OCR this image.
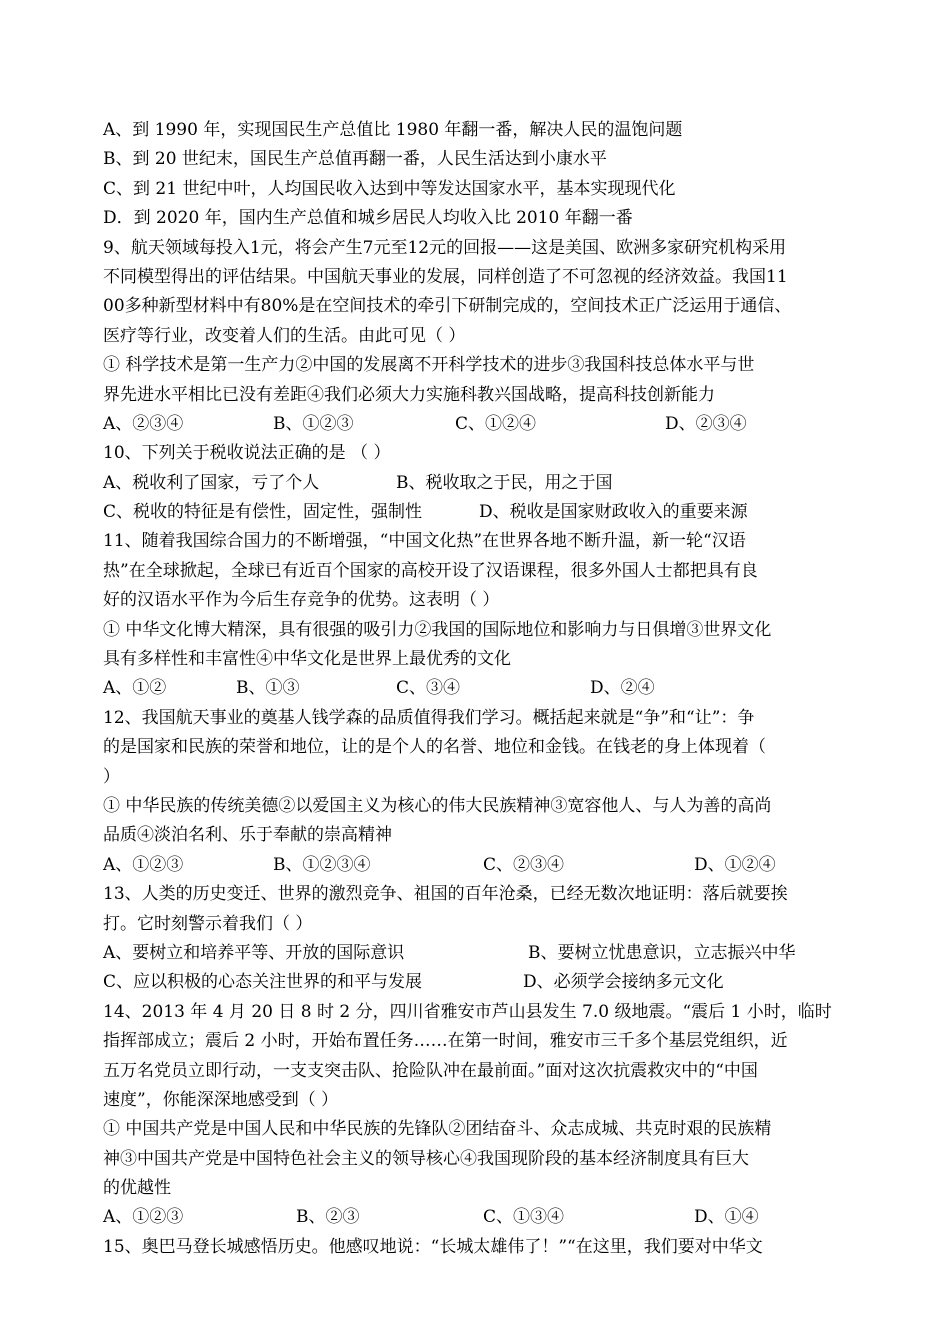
A、到 1990 年，实现国民生产总值比 1980 年翻一番，解决人民的温饱问题
B、到 20 世纪末，国民生产总值再翻一番，人民生活达到小康水平
C、到 21 世纪中叶，人均国民收入达到中等发达国家水平，基本实现现代化
D．到 2020 年，国内生产总值和城乡居民人均收入比 2010 年翻一番
9、航天领域每投入1元，将会产生7元至12元的回报——这是美国、欧洲多家研究机构采用
不同模型得出的评估结果。中国航天事业的发展，同样创造了不可忽视的经济效益。我国11
00多种新型材料中有80%是在空间技术的牵引下研制完成的，空间技术正广泛运用于通信、
医疗等行业，改变着人们的生活。由此可见（ ）
① 科学技术是第一生产力②中国的发展离不开科学技术的进步③我国科技总体水平与世
界先进水平相比已没有差距④我们必须大力实施科教兴国战略，提高科技创新能力
A、②③④	B、①②③	C、①②④	D、②③④
10、下列关于税收说法正确的是 （ ）
A、税收利了国家，亏了个人	B、税收取之于民，用之于国
C、税收的特征是有偿性，固定性，强制性	D、税收是国家财政收入的重要来源
11、随着我国综合国力的不断增强，“中国文化热”在世界各地不断升温，新一轮“汉语
热”在全球掀起，全球已有近百个国家的高校开设了汉语课程，很多外国人士都把具有良
好的汉语水平作为今后生存竞争的优势。这表明（ ）
① 中华文化博大精深，具有很强的吸引力②我国的国际地位和影响力与日俱增③世界文化
具有多样性和丰富性④中华文化是世界上最优秀的文化
A、①②	B、①③	C、③④	D、②④
12、我国航天事业的奠基人钱学森的品质值得我们学习。概括起来就是“争”和“让”：争
的是国家和民族的荣誉和地位，让的是个人的名誉、地位和金钱。在钱老的身上体现着（
）
① 中华民族的传统美德②以爱国主义为核心的伟大民族精神③宽容他人、与人为善的高尚
品质④淡泊名利、乐于奉献的崇高精神
A、①②③	B、①②③④	C、②③④	D、①②④
13、人类的历史变迁、世界的激烈竞争、祖国的百年沧桑，已经无数次地证明：落后就要挨
打。它时刻警示着我们（ ）
A、要树立和培养平等、开放的国际意识	B、要树立忧患意识，立志振兴中华
C、应以积极的心态关注世界的和平与发展	D、必须学会接纳多元文化
14、2013 年 4 月 20 日 8 时 2 分，四川省雅安市芦山县发生 7.0 级地震。“震后 1 小时，临时
指挥部成立；震后 2 小时，开始布置任务……在第一时间，雅安市三千多个基层党组织，近
五万名党员立即行动，一支支突击队、抢险队冲在最前面。”面对这次抗震救灾中的“中国
速度”，你能深深地感受到（ ）
① 中国共产党是中国人民和中华民族的先锋队②团结奋斗、众志成城、共克时艰的民族精
神③中国共产党是中国特色社会主义的领导核心④我国现阶段的基本经济制度具有巨大
的优越性
A、①②③	B、②③	C、①③④	D、①④
15、奥巴马登长城感悟历史。他感叹地说：“长城太雄伟了！”“在这里，我们要对中华文
